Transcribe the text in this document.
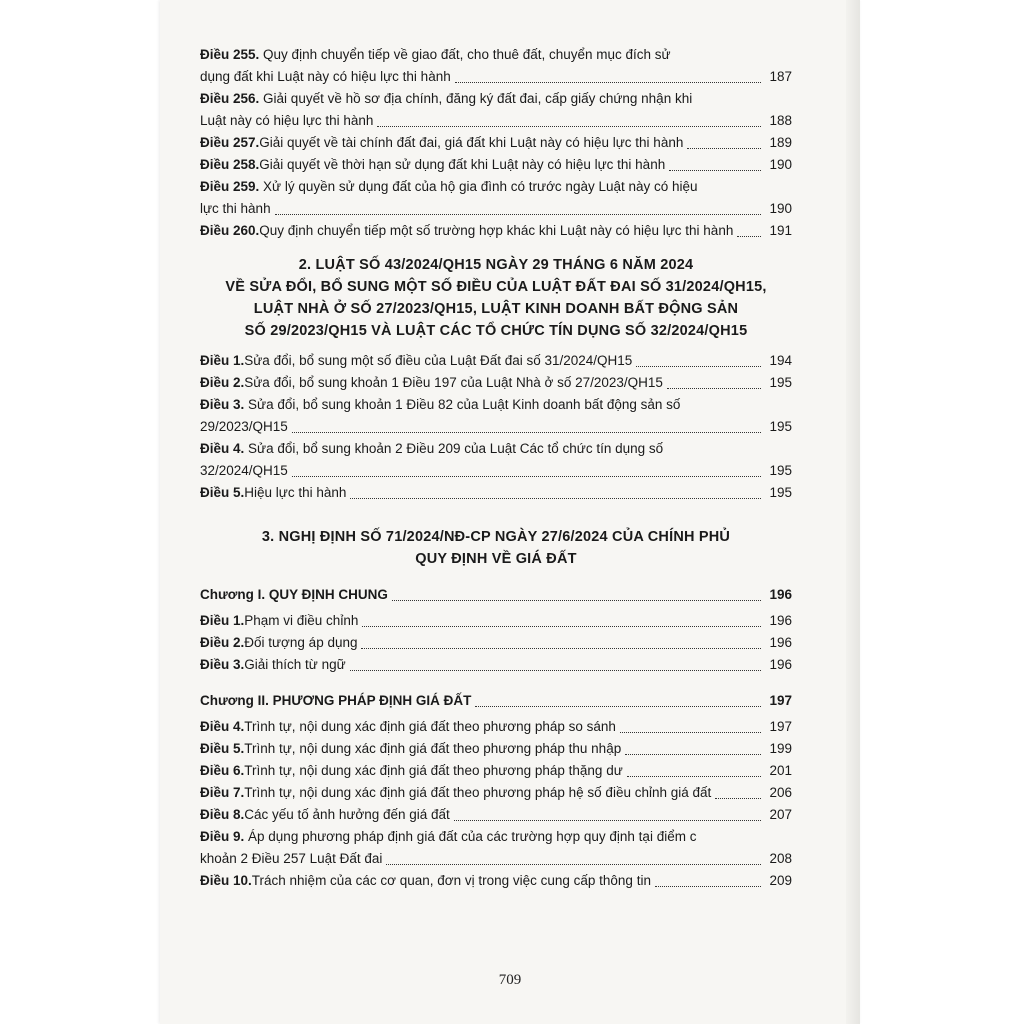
Điều 255. Quy định chuyển tiếp về giao đất, cho thuê đất, chuyển mục đích sử
dụng đất khi Luật này có hiệu lực thi hành	187
Điều 256. Giải quyết về hồ sơ địa chính, đăng ký đất đai, cấp giấy chứng nhận khi
Luật này có hiệu lực thi hành	188
Điều 257. Giải quyết về tài chính đất đai, giá đất khi Luật này có hiệu lực thi hành	189
Điều 258. Giải quyết về thời hạn sử dụng đất khi Luật này có hiệu lực thi hành	190
Điều 259. Xử lý quyền sử dụng đất của hộ gia đình có trước ngày Luật này có hiệu
lực thi hành	190
Điều 260. Quy định chuyển tiếp một số trường hợp khác khi Luật này có hiệu lực thi hành	191
2. LUẬT SỐ 43/2024/QH15 NGÀY 29 THÁNG 6 NĂM 2024
VỀ SỬA ĐỔI, BỔ SUNG MỘT SỐ ĐIỀU CỦA LUẬT ĐẤT ĐAI SỐ 31/2024/QH15,
LUẬT NHÀ Ở SỐ 27/2023/QH15, LUẬT KINH DOANH BẤT ĐỘNG SẢN
SỐ 29/2023/QH15 VÀ LUẬT CÁC TỔ CHỨC TÍN DỤNG SỐ 32/2024/QH15
Điều 1. Sửa đổi, bổ sung một số điều của Luật Đất đai số 31/2024/QH15	194
Điều 2. Sửa đổi, bổ sung khoản 1 Điều 197 của Luật Nhà ở số 27/2023/QH15	195
Điều 3. Sửa đổi, bổ sung khoản 1 Điều 82 của Luật Kinh doanh bất động sản số
29/2023/QH15	195
Điều 4. Sửa đổi, bổ sung khoản 2 Điều 209 của Luật Các tổ chức tín dụng số
32/2024/QH15	195
Điều 5. Hiệu lực thi hành	195
3. NGHỊ ĐỊNH SỐ 71/2024/NĐ-CP NGÀY 27/6/2024 CỦA CHÍNH PHỦ
QUY ĐỊNH VỀ GIÁ ĐẤT
Chương I. QUY ĐỊNH CHUNG	196
Điều 1. Phạm vi điều chỉnh	196
Điều 2. Đối tượng áp dụng	196
Điều 3. Giải thích từ ngữ	196
Chương II. PHƯƠNG PHÁP ĐỊNH GIÁ ĐẤT	197
Điều 4. Trình tự, nội dung xác định giá đất theo phương pháp so sánh	197
Điều 5. Trình tự, nội dung xác định giá đất theo phương pháp thu nhập	199
Điều 6. Trình tự, nội dung xác định giá đất theo phương pháp thặng dư	201
Điều 7. Trình tự, nội dung xác định giá đất theo phương pháp hệ số điều chỉnh giá đất	206
Điều 8. Các yếu tố ảnh hưởng đến giá đất	207
Điều 9. Áp dụng phương pháp định giá đất của các trường hợp quy định tại điểm c
khoản 2 Điều 257 Luật Đất đai	208
Điều 10. Trách nhiệm của các cơ quan, đơn vị trong việc cung cấp thông tin	209
709
